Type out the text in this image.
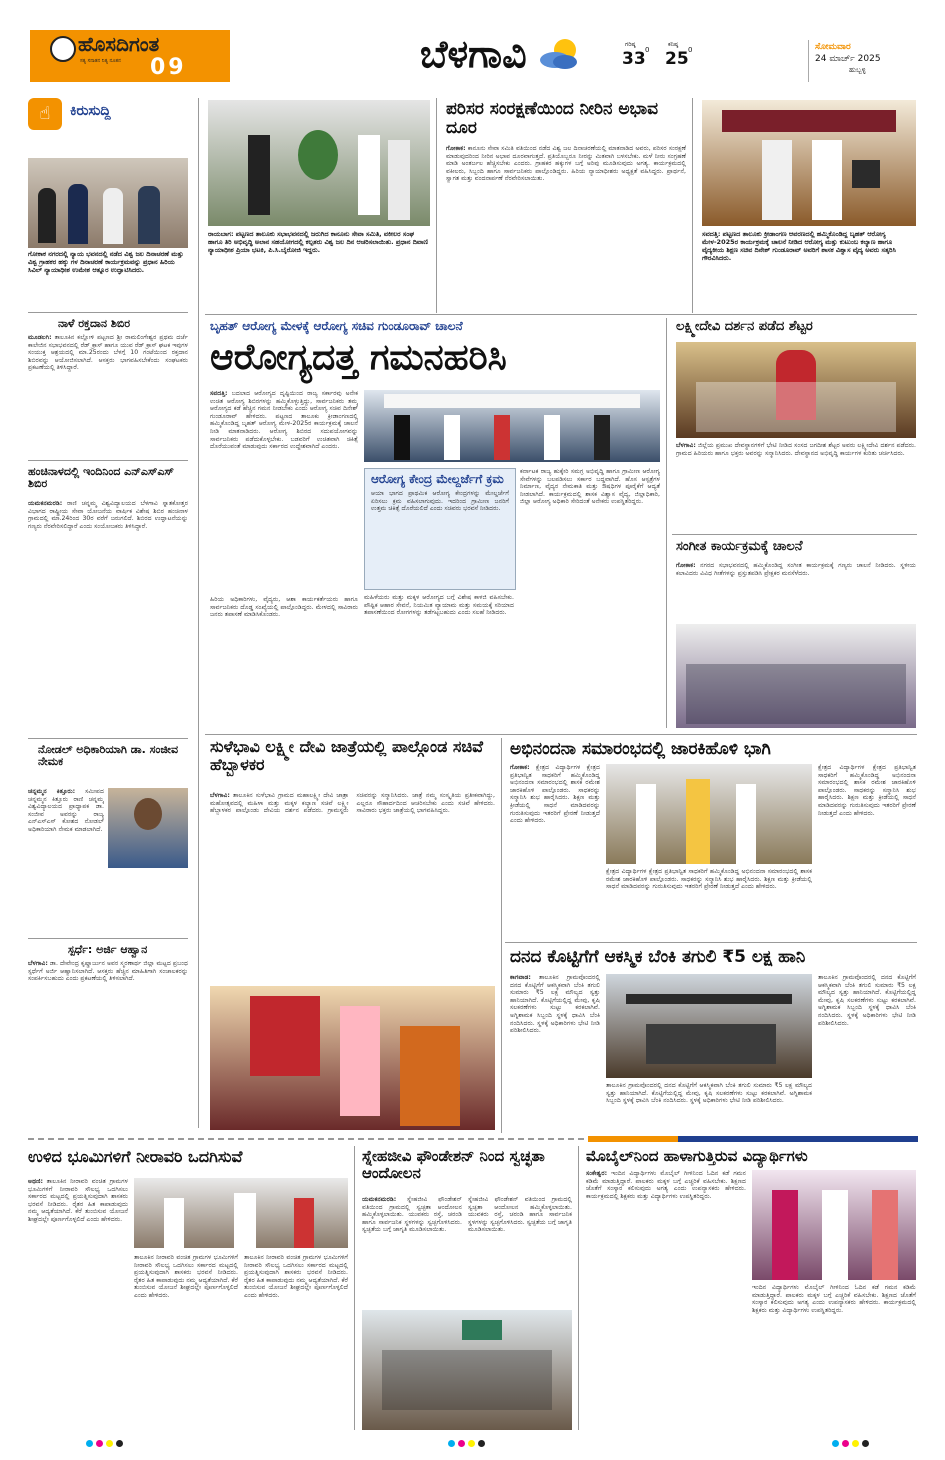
ಹೊಸದಿಗಂತ
ಸತ್ಯ ಸನಾತನ ನಿತ್ಯ ನೂತನ 09	ಬೆಳಗಾವಿ	ಗರಿಷ್ಠ
33 0
ಕನಿಷ್ಠ
25 0	ಸೋಮವಾರ
24 ಮಾರ್ಚ್ 2025
ಹುಬ್ಬಳ್ಳಿ
☝	ಕಿರುಸುದ್ದಿ
ಗೋಕಾಕ ನಗರದಲ್ಲಿ ನ್ಯಾಯ ಭವನದಲ್ಲಿ ನಡೆದ ವಿಶ್ವ ಜಲ ದಿನಾಚರಣೆ ಮತ್ತು ವಿಶ್ವ ಗ್ರಾಹಕರ ಹಕ್ಕು ಗಳ ದಿನಾಚರಣೆ ಕಾರ್ಯಕ್ರಮವನ್ನು ಪ್ರಧಾನ ಹಿರಿಯ ಸಿವಿಲ್ ನ್ಯಾಯಾಧೀಶ ಉಮೇಶ ಆತ್ನೂರ ಉದ್ಘಾಟಿಸಿದರು.
ನಾಳೆ ರಕ್ತದಾನ ಶಿಬಿರ
ಮೂಡಲಗಿ: ತಾಲೂಕಿನ ಕಲ್ಲೋಳಿ ಪಟ್ಟಣದ ಶ್ರೀ ರಾಮಲಿಂಗೇಶ್ವರ ಪ್ರಥಮ ದರ್ಜೆ ಕಾಲೇಜಿನ ಸಭಾಭವನದಲ್ಲಿ ರೆಡ್ ಕ್ರಾಸ್ ಹಾಗೂ ಯುವ ರೆಡ್ ಕ್ರಾಸ್ ಘಟಕ ಇವುಗಳ ಸಂಯುಕ್ತ ಆಶ್ರಯದಲ್ಲಿ ಮಾ.25ರಂದು ಬೆಳಗ್ಗೆ 10 ಗಂಟೆಯಿಂದ ರಕ್ತದಾನ ಶಿಬಿರವನ್ನು ಆಯೋಜಿಸಲಾಗಿದೆ. ಆಸಕ್ತರು ಭಾಗವಹಿಸಬೇಕೆಂದು ಸಂಘಟಕರು ಪ್ರಕಟಣೆಯಲ್ಲಿ ತಿಳಿಸಿದ್ದಾರೆ.
ಹಂಚಿನಾಳದಲ್ಲಿ ಇಂದಿನಿಂದ ಎನ್‌ಎಸ್‌ಎಸ್ ಶಿಬಿರ
ಯಮಕನಮರಡಿ: ರಾಣಿ ಚನ್ನಮ್ಮ ವಿಶ್ವವಿದ್ಯಾಲಯದ ಬೆಳಗಾವಿ ಸ್ನಾತಕೋತ್ತರ ವಿಭಾಗದ ರಾಷ್ಟ್ರೀಯ ಸೇವಾ ಯೋಜನೆಯ ವಾರ್ಷಿಕ ವಿಶೇಷ ಶಿಬಿರ ಹಂಚಿನಾಳ ಗ್ರಾಮದಲ್ಲಿ ಮಾ.24ರಿಂದ 30ರ ವರೆಗೆ ಜರುಗಲಿದೆ. ಶಿಬಿರದ ಉದ್ಘಾಟನೆಯನ್ನು ಗಣ್ಯರು ನೆರವೇರಿಸಲಿದ್ದಾರೆ ಎಂದು ಸಂಯೋಜಕರು ತಿಳಿಸಿದ್ದಾರೆ.
ನೋಡಲ್ ಅಧಿಕಾರಿಯಾಗಿ ಡಾ. ಸಂಜೀವ ನೇಮಕ
ಚನ್ನಮ್ಮನ ಕಿತ್ತೂರು: ಸಮೀಪದ ಚನ್ನಮ್ಮನ ಕಿತ್ತೂರು ರಾಣಿ ಚನ್ನಮ್ಮ ವಿಶ್ವವಿದ್ಯಾಲಯದ ಪ್ರಾಧ್ಯಾಪಕ ಡಾ. ಸಂಜೀವ ಅವರನ್ನು ರಾಜ್ಯ ಎನ್‌ಎಸ್‌ಎಸ್ ಕೋಶದ ನೋಡಲ್ ಅಧಿಕಾರಿಯಾಗಿ ನೇಮಕ ಮಾಡಲಾಗಿದೆ.
ಸ್ಪರ್ಧೆ: ಅರ್ಜಿ ಆಹ್ವಾನ
ಬೆಳಗಾವಿ: ಡಾ. ದೇವೇಂದ್ರ ಕೃಷ್ಣಾರ್ಜುನ ಅವರ ಸ್ಮರಣಾರ್ಥ ಜಿಲ್ಲಾ ಮಟ್ಟದ ಪ್ರಬಂಧ ಸ್ಪರ್ಧೆಗೆ ಅರ್ಜಿ ಆಹ್ವಾನಿಸಲಾಗಿದೆ. ಆಸಕ್ತರು ಹೆಚ್ಚಿನ ಮಾಹಿತಿಗಾಗಿ ಸಂಚಾಲಕರನ್ನು ಸಂಪರ್ಕಿಸಬಹುದು ಎಂದು ಪ್ರಕಟಣೆಯಲ್ಲಿ ತಿಳಿಸಲಾಗಿದೆ.
ರಾಯಬಾಗ: ಪಟ್ಟಣದ ತಾಲೂಕು ಸಭಾಭವನದಲ್ಲಿ ಜರುಗಿದ ಕಾನೂನು ಸೇವಾ ಸಮಿತಿ, ವಕೀಲರ ಸಂಘ ಹಾಗೂ ತಿರಿ ಅಭಿವೃದ್ಧಿ ಅಲಾನ ಸಹಯೋಗದಲ್ಲಿ ಕಲ್ಪತರು ವಿಶ್ವ ಜಲ ದಿನ ಆಚರಿಸಲಾಯಿತು. ಪ್ರಧಾನ ದಿವಾಣಿ ನ್ಯಾಯಾಧೀಶ ಪ್ರಿಯಾ ಭಟಕಿ, ಪಿ.ಸಿ.ಬೈರೋಜಿ ಇದ್ದರು.
ಪರಿಸರ ಸಂರಕ್ಷಣೆಯಿಂದ ನೀರಿನ ಅಭಾವ ದೂರ
ಗೋಕಾಕ: ಕಾನೂನು ಸೇವಾ ಸಮಿತಿ ವತಿಯಿಂದ ನಡೆದ ವಿಶ್ವ ಜಲ ದಿನಾಚರಣೆಯಲ್ಲಿ ಮಾತನಾಡಿದ ಅವರು, ಪರಿಸರ ಸಂರಕ್ಷಣೆ ಮಾಡುವುದರಿಂದ ನೀರಿನ ಅಭಾವ ದೂರವಾಗುತ್ತದೆ. ಪ್ರತಿಯೊಬ್ಬರೂ ನೀರನ್ನು ಮಿತವಾಗಿ ಬಳಸಬೇಕು. ಮಳೆ ನೀರು ಸಂಗ್ರಹಣೆ ಮಾಡಿ ಅಂತರ್ಜಲ ಹೆಚ್ಚಿಸಬೇಕು ಎಂದರು. ಗ್ರಾಹಕರ ಹಕ್ಕುಗಳ ಬಗ್ಗೆ ಅರಿವು ಮೂಡಿಸುವುದು ಅಗತ್ಯ. ಕಾರ್ಯಕ್ರಮದಲ್ಲಿ ವಕೀಲರು, ಸಿಬ್ಬಂದಿ ಹಾಗೂ ಸಾರ್ವಜನಿಕರು ಪಾಲ್ಗೊಂಡಿದ್ದರು. ಹಿರಿಯ ನ್ಯಾಯಾಧೀಶರು ಅಧ್ಯಕ್ಷತೆ ವಹಿಸಿದ್ದರು. ಪ್ರಾರ್ಥನೆ, ಸ್ವಾಗತ ಮತ್ತು ವಂದನಾರ್ಪಣೆ ನೆರವೇರಿಸಲಾಯಿತು.
ಸವದತ್ತಿ: ಪಟ್ಟಣದ ತಾಲೂಕು ಕ್ರೀಡಾಂಗಣ ಆವರಣದಲ್ಲಿ ಹಮ್ಮಿಕೊಂಡಿದ್ದ ಬೃಹತ್ ಆರೋಗ್ಯ ಮೇಳ-2025ರ ಕಾರ್ಯಕ್ರಮಕ್ಕೆ ಚಾಲನೆ ನೀಡಿದ ಆರೋಗ್ಯ ಮತ್ತು ಕುಟುಂಬ ಕಲ್ಯಾಣ ಹಾಗೂ ವೈದ್ಯಕೀಯ ಶಿಕ್ಷಣ ಸಚಿವ ದಿನೇಶ್ ಗುಂಡೂರಾವ್ ಅವರಿಗೆ ಶಾಸಕ ವಿಶ್ವಾಸ ವೈದ್ಯ ಅವರು ಸತ್ಕರಿಸಿ ಗೌರವಿಸಿದರು.
ಬೃಹತ್ ಆರೋಗ್ಯ ಮೇಳಕ್ಕೆ ಆರೋಗ್ಯ ಸಚಿವ ಗುಂಡೂರಾವ್ ಚಾಲನೆ
ಆರೋಗ್ಯದತ್ತ ಗಮನಹರಿಸಿ
ಸವದತ್ತಿ: ಬದಲಾದ ಆರೋಗ್ಯದ ದೃಷ್ಟಿಯಿಂದ ರಾಜ್ಯ ಸರ್ಕಾರವು ಅನೇಕ ಉಚಿತ ಆರೋಗ್ಯ ಶಿಬಿರಗಳನ್ನು ಹಮ್ಮಿಕೊಳ್ಳುತ್ತಿದ್ದು, ಸಾರ್ವಜನಿಕರು ತಮ್ಮ ಆರೋಗ್ಯದ ಕಡೆ ಹೆಚ್ಚಿನ ಗಮನ ನೀಡಬೇಕು ಎಂದು ಆರೋಗ್ಯ ಸಚಿವ ದಿನೇಶ್ ಗುಂಡೂರಾವ್ ಹೇಳಿದರು. ಪಟ್ಟಣದ ತಾಲೂಕು ಕ್ರೀಡಾಂಗಣದಲ್ಲಿ ಹಮ್ಮಿಕೊಂಡಿದ್ದ ಬೃಹತ್ ಆರೋಗ್ಯ ಮೇಳ-2025ರ ಕಾರ್ಯಕ್ರಮಕ್ಕೆ ಚಾಲನೆ ನೀಡಿ ಮಾತನಾಡಿದರು. ಆರೋಗ್ಯ ಶಿಬಿರದ ಸದುಪಯೋಗವನ್ನು ಸಾರ್ವಜನಿಕರು ಪಡೆದುಕೊಳ್ಳಬೇಕು. ಬಡವರಿಗೆ ಉಚಿತವಾಗಿ ಚಿಕಿತ್ಸೆ ದೊರೆಯುವಂತೆ ಮಾಡುವುದು ಸರ್ಕಾರದ ಉದ್ದೇಶವಾಗಿದೆ ಎಂದರು.
ಆರೋಗ್ಯ ಕೇಂದ್ರ ಮೇಲ್ದರ್ಜೆಗೆ ಕ್ರಮ
ಆಯಾ ಭಾಗದ ಪ್ರಾಥಮಿಕ ಆರೋಗ್ಯ ಕೇಂದ್ರಗಳನ್ನು ಮೇಲ್ದರ್ಜೆಗೆ ಏರಿಸಲು ಕ್ರಮ ವಹಿಸಲಾಗುವುದು. ಇದರಿಂದ ಗ್ರಾಮೀಣ ಜನರಿಗೆ ಉತ್ತಮ ಚಿಕಿತ್ಸೆ ದೊರೆಯಲಿದೆ ಎಂದು ಸಚಿವರು ಭರವಸೆ ನೀಡಿದರು.
ಕರ್ನಾಟಕ ರಾಜ್ಯ ಹುಕ್ಕೇರಿ ಸಮಗ್ರ ಅಭಿವೃದ್ಧಿ ಹಾಗೂ ಗ್ರಾಮೀಣ ಆರೋಗ್ಯ ಸೇವೆಗಳನ್ನು ಬಲಪಡಿಸಲು ಸರ್ಕಾರ ಬದ್ಧವಾಗಿದೆ. ಹೊಸ ಆಸ್ಪತ್ರೆಗಳ ನಿರ್ಮಾಣ, ವೈದ್ಯರ ನೇಮಕಾತಿ ಮತ್ತು ಔಷಧಿಗಳ ಪೂರೈಕೆಗೆ ಆದ್ಯತೆ ನೀಡಲಾಗಿದೆ. ಕಾರ್ಯಕ್ರಮದಲ್ಲಿ ಶಾಸಕ ವಿಶ್ವಾಸ ವೈದ್ಯ, ಜಿಲ್ಲಾಧಿಕಾರಿ, ಜಿಲ್ಲಾ ಆರೋಗ್ಯ ಅಧಿಕಾರಿ ಸೇರಿದಂತೆ ಅನೇಕರು ಉಪಸ್ಥಿತರಿದ್ದರು.
ಮಹಿಳೆಯರು ಮತ್ತು ಮಕ್ಕಳ ಆರೋಗ್ಯದ ಬಗ್ಗೆ ವಿಶೇಷ ಕಾಳಜಿ ವಹಿಸಬೇಕು. ಪೌಷ್ಟಿಕ ಆಹಾರ ಸೇವನೆ, ನಿಯಮಿತ ವ್ಯಾಯಾಮ ಮತ್ತು ಸಮಯಕ್ಕೆ ಸರಿಯಾದ ತಪಾಸಣೆಯಿಂದ ರೋಗಗಳನ್ನು ತಡೆಗಟ್ಟಬಹುದು ಎಂದು ಸಲಹೆ ನೀಡಿದರು.
ಹಿರಿಯ ಅಧಿಕಾರಿಗಳು, ವೈದ್ಯರು, ಆಶಾ ಕಾರ್ಯಕರ್ತೆಯರು ಹಾಗೂ ಸಾರ್ವಜನಿಕರು ದೊಡ್ಡ ಸಂಖ್ಯೆಯಲ್ಲಿ ಪಾಲ್ಗೊಂಡಿದ್ದರು. ಮೇಳದಲ್ಲಿ ಸಾವಿರಾರು ಜನರು ತಪಾಸಣೆ ಮಾಡಿಸಿಕೊಂಡರು.
ಲಕ್ಷ್ಮೀದೇವಿ ದರ್ಶನ ಪಡೆದ ಶೆಟ್ಟರ
ಬೆಳಗಾವಿ: ಜಿಲ್ಲೆಯ ಪ್ರಮುಖ ದೇವಸ್ಥಾನಗಳಿಗೆ ಭೇಟಿ ನೀಡಿದ ಸಂಸದ ಜಗದೀಶ ಶೆಟ್ಟರ ಅವರು ಲಕ್ಷ್ಮೀದೇವಿ ದರ್ಶನ ಪಡೆದರು. ಗ್ರಾಮದ ಹಿರಿಯರು ಹಾಗೂ ಭಕ್ತರು ಅವರನ್ನು ಸನ್ಮಾನಿಸಿದರು. ದೇವಸ್ಥಾನದ ಅಭಿವೃದ್ಧಿ ಕಾರ್ಯಗಳ ಕುರಿತು ಚರ್ಚಿಸಿದರು.
ಸಂಗೀತ ಕಾರ್ಯಕ್ರಮಕ್ಕೆ ಚಾಲನೆ
ಗೋಕಾಕ: ನಗರದ ಸಭಾಭವನದಲ್ಲಿ ಹಮ್ಮಿಕೊಂಡಿದ್ದ ಸಂಗೀತ ಕಾರ್ಯಕ್ರಮಕ್ಕೆ ಗಣ್ಯರು ಚಾಲನೆ ನೀಡಿದರು. ಸ್ಥಳೀಯ ಕಲಾವಿದರು ವಿವಿಧ ಗೀತೆಗಳನ್ನು ಪ್ರಸ್ತುತಪಡಿಸಿ ಪ್ರೇಕ್ಷಕರ ಮನಸೆಳೆದರು.
ಸುಳೆಭಾವಿ ಲಕ್ಷ್ಮೀ ದೇವಿ ಜಾತ್ರೆಯಲ್ಲಿ ಪಾಲ್ಗೊಂಡ ಸಚಿವೆ ಹೆಬ್ಬಾಳಕರ
ಬೆಳಗಾವಿ: ತಾಲೂಕಿನ ಸುಳೆಭಾವಿ ಗ್ರಾಮದ ಮಹಾಲಕ್ಷ್ಮೀ ದೇವಿ ಜಾತ್ರಾ ಮಹೋತ್ಸವದಲ್ಲಿ ಮಹಿಳಾ ಮತ್ತು ಮಕ್ಕಳ ಕಲ್ಯಾಣ ಸಚಿವೆ ಲಕ್ಷ್ಮೀ ಹೆಬ್ಬಾಳಕರ ಪಾಲ್ಗೊಂಡು ದೇವಿಯ ದರ್ಶನ ಪಡೆದರು. ಗ್ರಾಮಸ್ಥರು ಸಚಿವರನ್ನು ಸನ್ಮಾನಿಸಿದರು. ಜಾತ್ರೆ ನಮ್ಮ ಸಂಸ್ಕೃತಿಯ ಪ್ರತೀಕವಾಗಿದ್ದು, ಎಲ್ಲರೂ ಸೌಹಾರ್ದದಿಂದ ಆಚರಿಸಬೇಕು ಎಂದು ಸಚಿವೆ ಹೇಳಿದರು. ಸಾವಿರಾರು ಭಕ್ತರು ಜಾತ್ರೆಯಲ್ಲಿ ಭಾಗವಹಿಸಿದ್ದರು.
ಅಭಿನಂದನಾ ಸಮಾರಂಭದಲ್ಲಿ ಜಾರಕಿಹೊಳಿ ಭಾಗಿ
ಗೋಕಾಕ: ಕ್ಷೇತ್ರದ ವಿದ್ಯಾರ್ಥಿಗಳ ಕ್ಷೇತ್ರದ ಪ್ರತಿಭಾನ್ವಿತ ಸಾಧಕರಿಗೆ ಹಮ್ಮಿಕೊಂಡಿದ್ದ ಅಭಿನಂದನಾ ಸಮಾರಂಭದಲ್ಲಿ ಶಾಸಕ ರಮೇಶ ಜಾರಕಿಹೊಳಿ ಪಾಲ್ಗೊಂಡರು. ಸಾಧಕರನ್ನು ಸನ್ಮಾನಿಸಿ ಶುಭ ಹಾರೈಸಿದರು. ಶಿಕ್ಷಣ ಮತ್ತು ಕ್ರೀಡೆಯಲ್ಲಿ ಸಾಧನೆ ಮಾಡಿದವರನ್ನು ಗುರುತಿಸುವುದು ಇತರರಿಗೆ ಪ್ರೇರಣೆ ನೀಡುತ್ತದೆ ಎಂದು ಹೇಳಿದರು.
ಕ್ಷೇತ್ರದ ವಿದ್ಯಾರ್ಥಿಗಳ ಕ್ಷೇತ್ರದ ಪ್ರತಿಭಾನ್ವಿತ ಸಾಧಕರಿಗೆ ಹಮ್ಮಿಕೊಂಡಿದ್ದ ಅಭಿನಂದನಾ ಸಮಾರಂಭದಲ್ಲಿ ಶಾಸಕ ರಮೇಶ ಜಾರಕಿಹೊಳಿ ಪಾಲ್ಗೊಂಡರು. ಸಾಧಕರನ್ನು ಸನ್ಮಾನಿಸಿ ಶುಭ ಹಾರೈಸಿದರು. ಶಿಕ್ಷಣ ಮತ್ತು ಕ್ರೀಡೆಯಲ್ಲಿ ಸಾಧನೆ ಮಾಡಿದವರನ್ನು ಗುರುತಿಸುವುದು ಇತರರಿಗೆ ಪ್ರೇರಣೆ ನೀಡುತ್ತದೆ ಎಂದು ಹೇಳಿದರು.
ಕ್ಷೇತ್ರದ ವಿದ್ಯಾರ್ಥಿಗಳ ಕ್ಷೇತ್ರದ ಪ್ರತಿಭಾನ್ವಿತ ಸಾಧಕರಿಗೆ ಹಮ್ಮಿಕೊಂಡಿದ್ದ ಅಭಿನಂದನಾ ಸಮಾರಂಭದಲ್ಲಿ ಶಾಸಕ ರಮೇಶ ಜಾರಕಿಹೊಳಿ ಪಾಲ್ಗೊಂಡರು. ಸಾಧಕರನ್ನು ಸನ್ಮಾನಿಸಿ ಶುಭ ಹಾರೈಸಿದರು. ಶಿಕ್ಷಣ ಮತ್ತು ಕ್ರೀಡೆಯಲ್ಲಿ ಸಾಧನೆ ಮಾಡಿದವರನ್ನು ಗುರುತಿಸುವುದು ಇತರರಿಗೆ ಪ್ರೇರಣೆ ನೀಡುತ್ತದೆ ಎಂದು ಹೇಳಿದರು.
ದನದ ಕೊಟ್ಟಿಗೆಗೆ ಆಕಸ್ಮಿಕ ಬೆಂಕಿ ತಗುಲಿ ₹5 ಲಕ್ಷ ಹಾನಿ
ಕಾಗವಾಡ: ತಾಲೂಕಿನ ಗ್ರಾಮವೊಂದರಲ್ಲಿ ದನದ ಕೊಟ್ಟಿಗೆಗೆ ಆಕಸ್ಮಿಕವಾಗಿ ಬೆಂಕಿ ತಗುಲಿ ಸುಮಾರು ₹5 ಲಕ್ಷ ಮೌಲ್ಯದ ಸ್ವತ್ತು ಹಾನಿಯಾಗಿದೆ. ಕೊಟ್ಟಿಗೆಯಲ್ಲಿದ್ದ ಮೇವು, ಕೃಷಿ ಸಲಕರಣೆಗಳು ಸುಟ್ಟು ಕರಕಲಾಗಿವೆ. ಅಗ್ನಿಶಾಮಕ ಸಿಬ್ಬಂದಿ ಸ್ಥಳಕ್ಕೆ ಧಾವಿಸಿ ಬೆಂಕಿ ನಂದಿಸಿದರು. ಸ್ಥಳಕ್ಕೆ ಅಧಿಕಾರಿಗಳು ಭೇಟಿ ನೀಡಿ ಪರಿಶೀಲಿಸಿದರು.
ತಾಲೂಕಿನ ಗ್ರಾಮವೊಂದರಲ್ಲಿ ದನದ ಕೊಟ್ಟಿಗೆಗೆ ಆಕಸ್ಮಿಕವಾಗಿ ಬೆಂಕಿ ತಗುಲಿ ಸುಮಾರು ₹5 ಲಕ್ಷ ಮೌಲ್ಯದ ಸ್ವತ್ತು ಹಾನಿಯಾಗಿದೆ. ಕೊಟ್ಟಿಗೆಯಲ್ಲಿದ್ದ ಮೇವು, ಕೃಷಿ ಸಲಕರಣೆಗಳು ಸುಟ್ಟು ಕರಕಲಾಗಿವೆ. ಅಗ್ನಿಶಾಮಕ ಸಿಬ್ಬಂದಿ ಸ್ಥಳಕ್ಕೆ ಧಾವಿಸಿ ಬೆಂಕಿ ನಂದಿಸಿದರು. ಸ್ಥಳಕ್ಕೆ ಅಧಿಕಾರಿಗಳು ಭೇಟಿ ನೀಡಿ ಪರಿಶೀಲಿಸಿದರು.
ತಾಲೂಕಿನ ಗ್ರಾಮವೊಂದರಲ್ಲಿ ದನದ ಕೊಟ್ಟಿಗೆಗೆ ಆಕಸ್ಮಿಕವಾಗಿ ಬೆಂಕಿ ತಗುಲಿ ಸುಮಾರು ₹5 ಲಕ್ಷ ಮೌಲ್ಯದ ಸ್ವತ್ತು ಹಾನಿಯಾಗಿದೆ. ಕೊಟ್ಟಿಗೆಯಲ್ಲಿದ್ದ ಮೇವು, ಕೃಷಿ ಸಲಕರಣೆಗಳು ಸುಟ್ಟು ಕರಕಲಾಗಿವೆ. ಅಗ್ನಿಶಾಮಕ ಸಿಬ್ಬಂದಿ ಸ್ಥಳಕ್ಕೆ ಧಾವಿಸಿ ಬೆಂಕಿ ನಂದಿಸಿದರು. ಸ್ಥಳಕ್ಕೆ ಅಧಿಕಾರಿಗಳು ಭೇಟಿ ನೀಡಿ ಪರಿಶೀಲಿಸಿದರು.
ಉಳಿದ ಭೂಮಿಗಳಿಗೆ ನೀರಾವರಿ ಒದಗಿಸುವೆ
ಅಥಣಿ: ತಾಲೂಕಿನ ನೀರಾವರಿ ವಂಚಿತ ಗ್ರಾಮಗಳ ಭೂಮಿಗಳಿಗೆ ನೀರಾವರಿ ಸೌಲಭ್ಯ ಒದಗಿಸಲು ಸರ್ಕಾರದ ಮಟ್ಟದಲ್ಲಿ ಪ್ರಯತ್ನಿಸುವುದಾಗಿ ಶಾಸಕರು ಭರವಸೆ ನೀಡಿದರು. ರೈತರ ಹಿತ ಕಾಪಾಡುವುದು ನಮ್ಮ ಆದ್ಯತೆಯಾಗಿದೆ. ಕೆರೆ ತುಂಬಿಸುವ ಯೋಜನೆ ಶೀಘ್ರದಲ್ಲೇ ಪೂರ್ಣಗೊಳ್ಳಲಿದೆ ಎಂದು ಹೇಳಿದರು.
ತಾಲೂಕಿನ ನೀರಾವರಿ ವಂಚಿತ ಗ್ರಾಮಗಳ ಭೂಮಿಗಳಿಗೆ ನೀರಾವರಿ ಸೌಲಭ್ಯ ಒದಗಿಸಲು ಸರ್ಕಾರದ ಮಟ್ಟದಲ್ಲಿ ಪ್ರಯತ್ನಿಸುವುದಾಗಿ ಶಾಸಕರು ಭರವಸೆ ನೀಡಿದರು. ರೈತರ ಹಿತ ಕಾಪಾಡುವುದು ನಮ್ಮ ಆದ್ಯತೆಯಾಗಿದೆ. ಕೆರೆ ತುಂಬಿಸುವ ಯೋಜನೆ ಶೀಘ್ರದಲ್ಲೇ ಪೂರ್ಣಗೊಳ್ಳಲಿದೆ ಎಂದು ಹೇಳಿದರು.
ತಾಲೂಕಿನ ನೀರಾವರಿ ವಂಚಿತ ಗ್ರಾಮಗಳ ಭೂಮಿಗಳಿಗೆ ನೀರಾವರಿ ಸೌಲಭ್ಯ ಒದಗಿಸಲು ಸರ್ಕಾರದ ಮಟ್ಟದಲ್ಲಿ ಪ್ರಯತ್ನಿಸುವುದಾಗಿ ಶಾಸಕರು ಭರವಸೆ ನೀಡಿದರು. ರೈತರ ಹಿತ ಕಾಪಾಡುವುದು ನಮ್ಮ ಆದ್ಯತೆಯಾಗಿದೆ. ಕೆರೆ ತುಂಬಿಸುವ ಯೋಜನೆ ಶೀಘ್ರದಲ್ಲೇ ಪೂರ್ಣಗೊಳ್ಳಲಿದೆ ಎಂದು ಹೇಳಿದರು.
ಸ್ನೇಹಜೀವಿ ಫೌಂಡೇಶನ್ ನಿಂದ ಸ್ವಚ್ಛತಾ ಆಂದೋಲನ
ಯಮಕನಮರಡಿ: ಸ್ನೇಹಜೀವಿ ಫೌಂಡೇಶನ್ ವತಿಯಿಂದ ಗ್ರಾಮದಲ್ಲಿ ಸ್ವಚ್ಛತಾ ಆಂದೋಲನ ಹಮ್ಮಿಕೊಳ್ಳಲಾಯಿತು. ಯುವಕರು ರಸ್ತೆ, ಚರಂಡಿ ಹಾಗೂ ಸಾರ್ವಜನಿಕ ಸ್ಥಳಗಳನ್ನು ಸ್ವಚ್ಛಗೊಳಿಸಿದರು. ಸ್ವಚ್ಛತೆಯ ಬಗ್ಗೆ ಜಾಗೃತಿ ಮೂಡಿಸಲಾಯಿತು.
ಸ್ನೇಹಜೀವಿ ಫೌಂಡೇಶನ್ ವತಿಯಿಂದ ಗ್ರಾಮದಲ್ಲಿ ಸ್ವಚ್ಛತಾ ಆಂದೋಲನ ಹಮ್ಮಿಕೊಳ್ಳಲಾಯಿತು. ಯುವಕರು ರಸ್ತೆ, ಚರಂಡಿ ಹಾಗೂ ಸಾರ್ವಜನಿಕ ಸ್ಥಳಗಳನ್ನು ಸ್ವಚ್ಛಗೊಳಿಸಿದರು. ಸ್ವಚ್ಛತೆಯ ಬಗ್ಗೆ ಜಾಗೃತಿ ಮೂಡಿಸಲಾಯಿತು.
ಮೊಬೈಲ್‌ನಿಂದ ಹಾಳಾಗುತ್ತಿರುವ ವಿದ್ಯಾರ್ಥಿಗಳು
ಸಂಕೇಶ್ವರ: ಇಂದಿನ ವಿದ್ಯಾರ್ಥಿಗಳು ಮೊಬೈಲ್ ಗೀಳಿನಿಂದ ಓದಿನ ಕಡೆ ಗಮನ ಕಡಿಮೆ ಮಾಡುತ್ತಿದ್ದಾರೆ. ಪಾಲಕರು ಮಕ್ಕಳ ಬಗ್ಗೆ ಎಚ್ಚರಿಕೆ ವಹಿಸಬೇಕು. ಶಿಕ್ಷಣದ ಜೊತೆಗೆ ಸಂಸ್ಕಾರ ಕಲಿಸುವುದು ಅಗತ್ಯ ಎಂದು ಉಪನ್ಯಾಸಕರು ಹೇಳಿದರು. ಕಾರ್ಯಕ್ರಮದಲ್ಲಿ ಶಿಕ್ಷಕರು ಮತ್ತು ವಿದ್ಯಾರ್ಥಿಗಳು ಉಪಸ್ಥಿತರಿದ್ದರು.
ಇಂದಿನ ವಿದ್ಯಾರ್ಥಿಗಳು ಮೊಬೈಲ್ ಗೀಳಿನಿಂದ ಓದಿನ ಕಡೆ ಗಮನ ಕಡಿಮೆ ಮಾಡುತ್ತಿದ್ದಾರೆ. ಪಾಲಕರು ಮಕ್ಕಳ ಬಗ್ಗೆ ಎಚ್ಚರಿಕೆ ವಹಿಸಬೇಕು. ಶಿಕ್ಷಣದ ಜೊತೆಗೆ ಸಂಸ್ಕಾರ ಕಲಿಸುವುದು ಅಗತ್ಯ ಎಂದು ಉಪನ್ಯಾಸಕರು ಹೇಳಿದರು. ಕಾರ್ಯಕ್ರಮದಲ್ಲಿ ಶಿಕ್ಷಕರು ಮತ್ತು ವಿದ್ಯಾರ್ಥಿಗಳು ಉಪಸ್ಥಿತರಿದ್ದರು.
